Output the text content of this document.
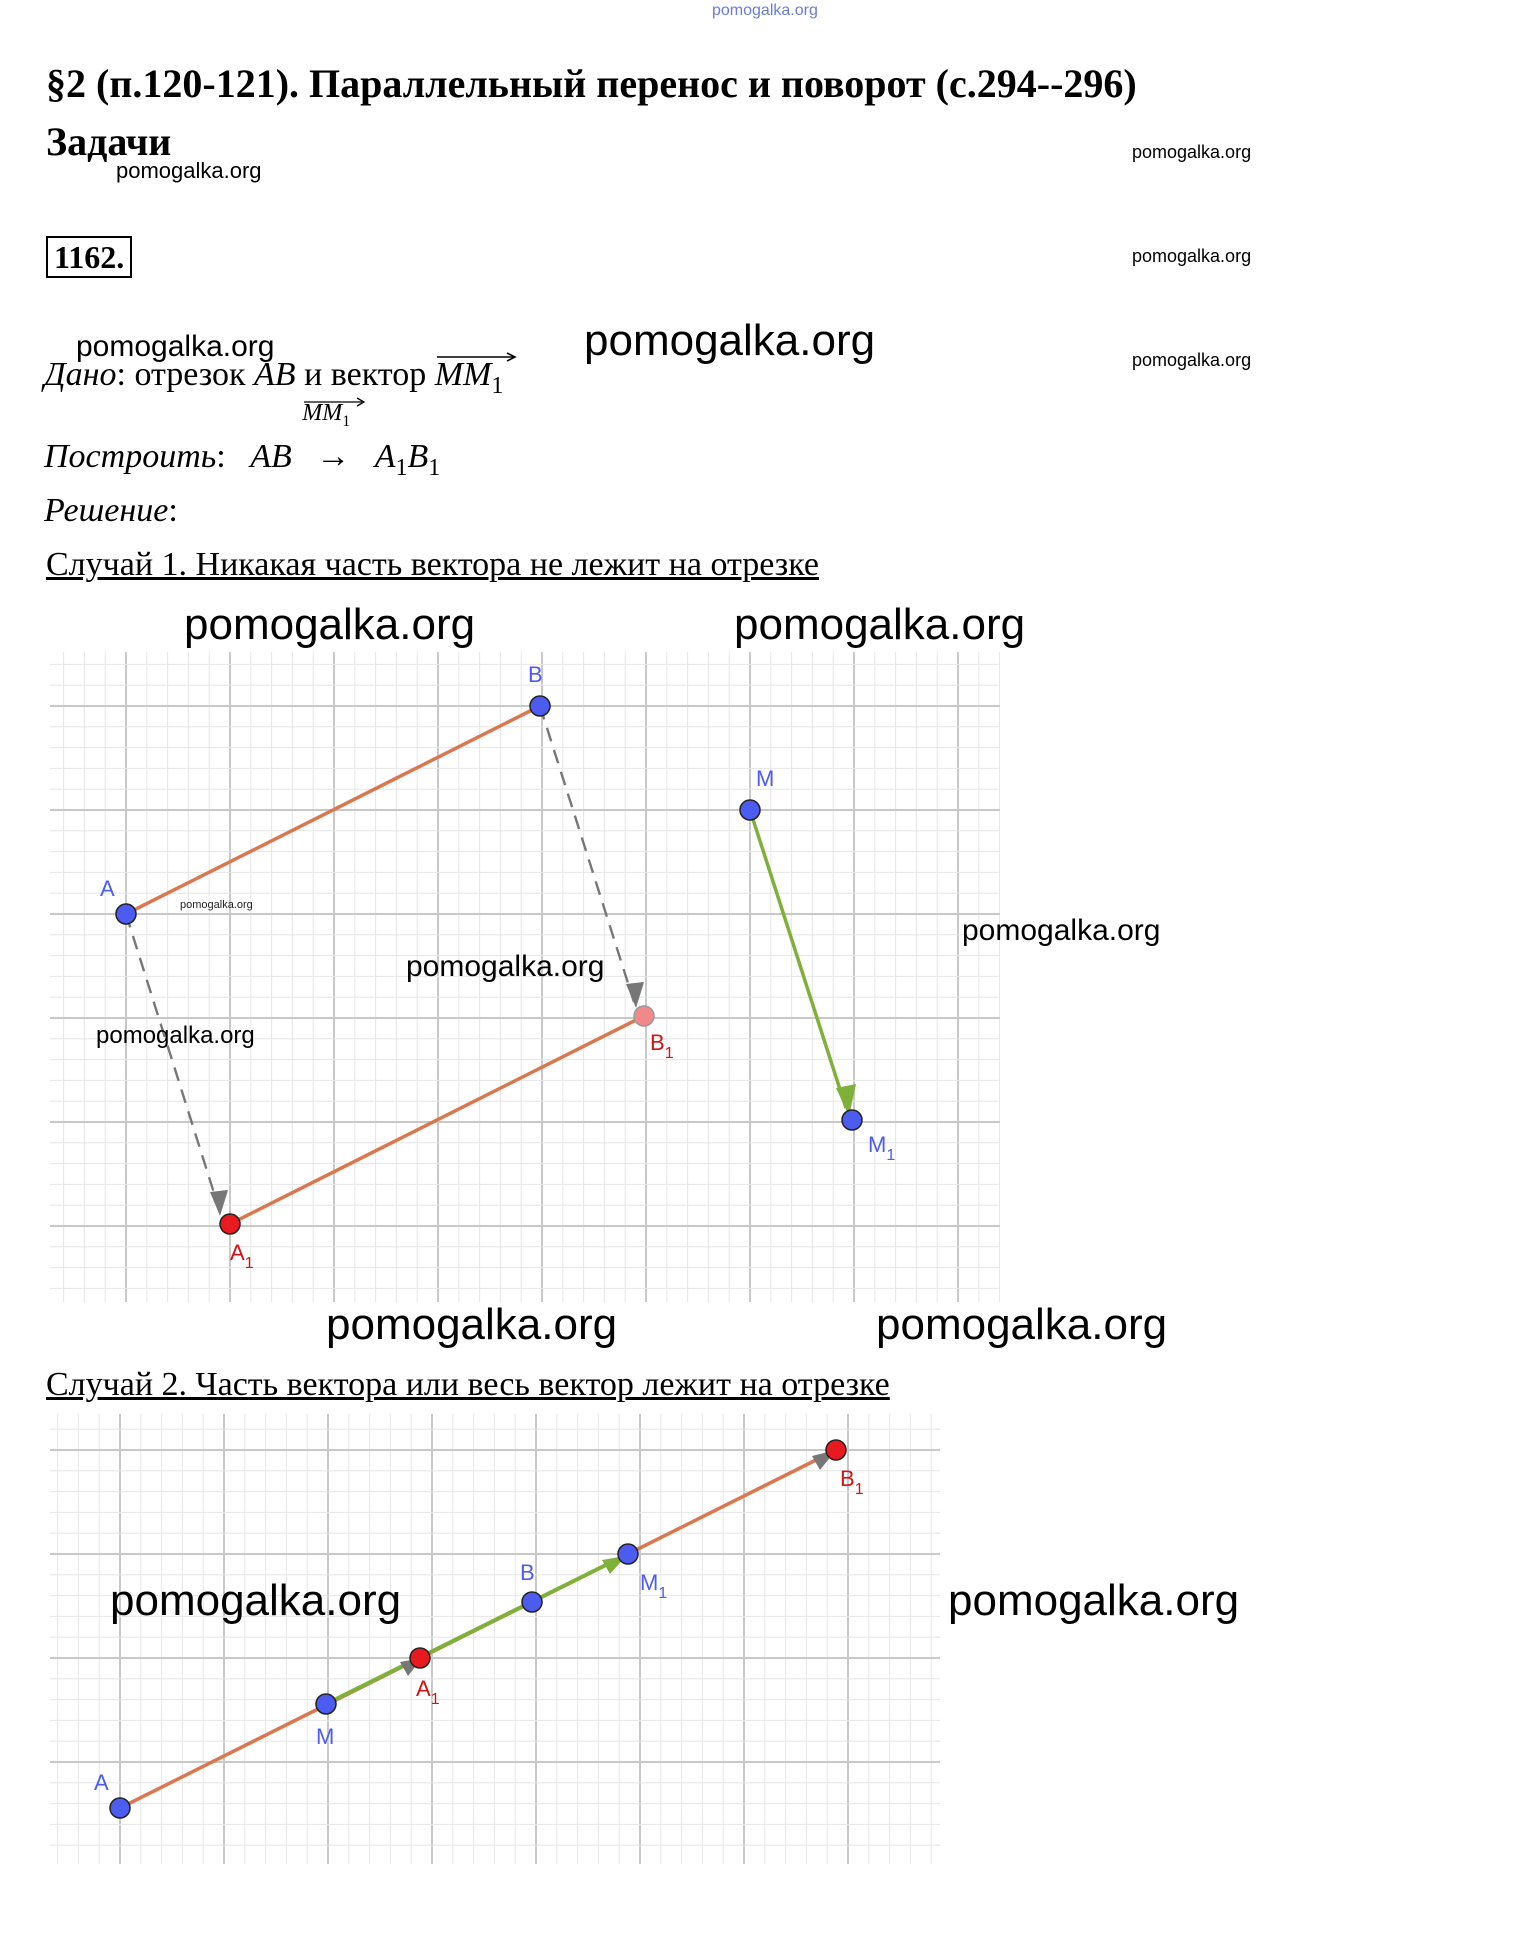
pomogalka.org
§2 (п.120-121). Параллельный перенос и поворот (с.294--296)
Задачи
pomogalka.org
pomogalka.org
1162.	pomogalka.org
pomogalka.org	pomogalka.org	pomogalka.org
Дано: отрезок AB и вектор $MM_1$
Построить: AB
$MM_1$
→ $A_1B_1$
Решение:
Случай 1. Никакая часть вектора не лежит на отрезке
pomogalka.org	pomogalka.org
A
B
M
$M_1$
$A_1$
$B_1$
pomogalka.org
pomogalka.org
pomogalka.org
pomogalka.org
pomogalka.org	pomogalka.org
Случай 2. Часть вектора или весь вектор лежит на отрезке
A
M
$A_1$
B	$M_1$
$B_1$
pomogalka.org	pomogalka.org
